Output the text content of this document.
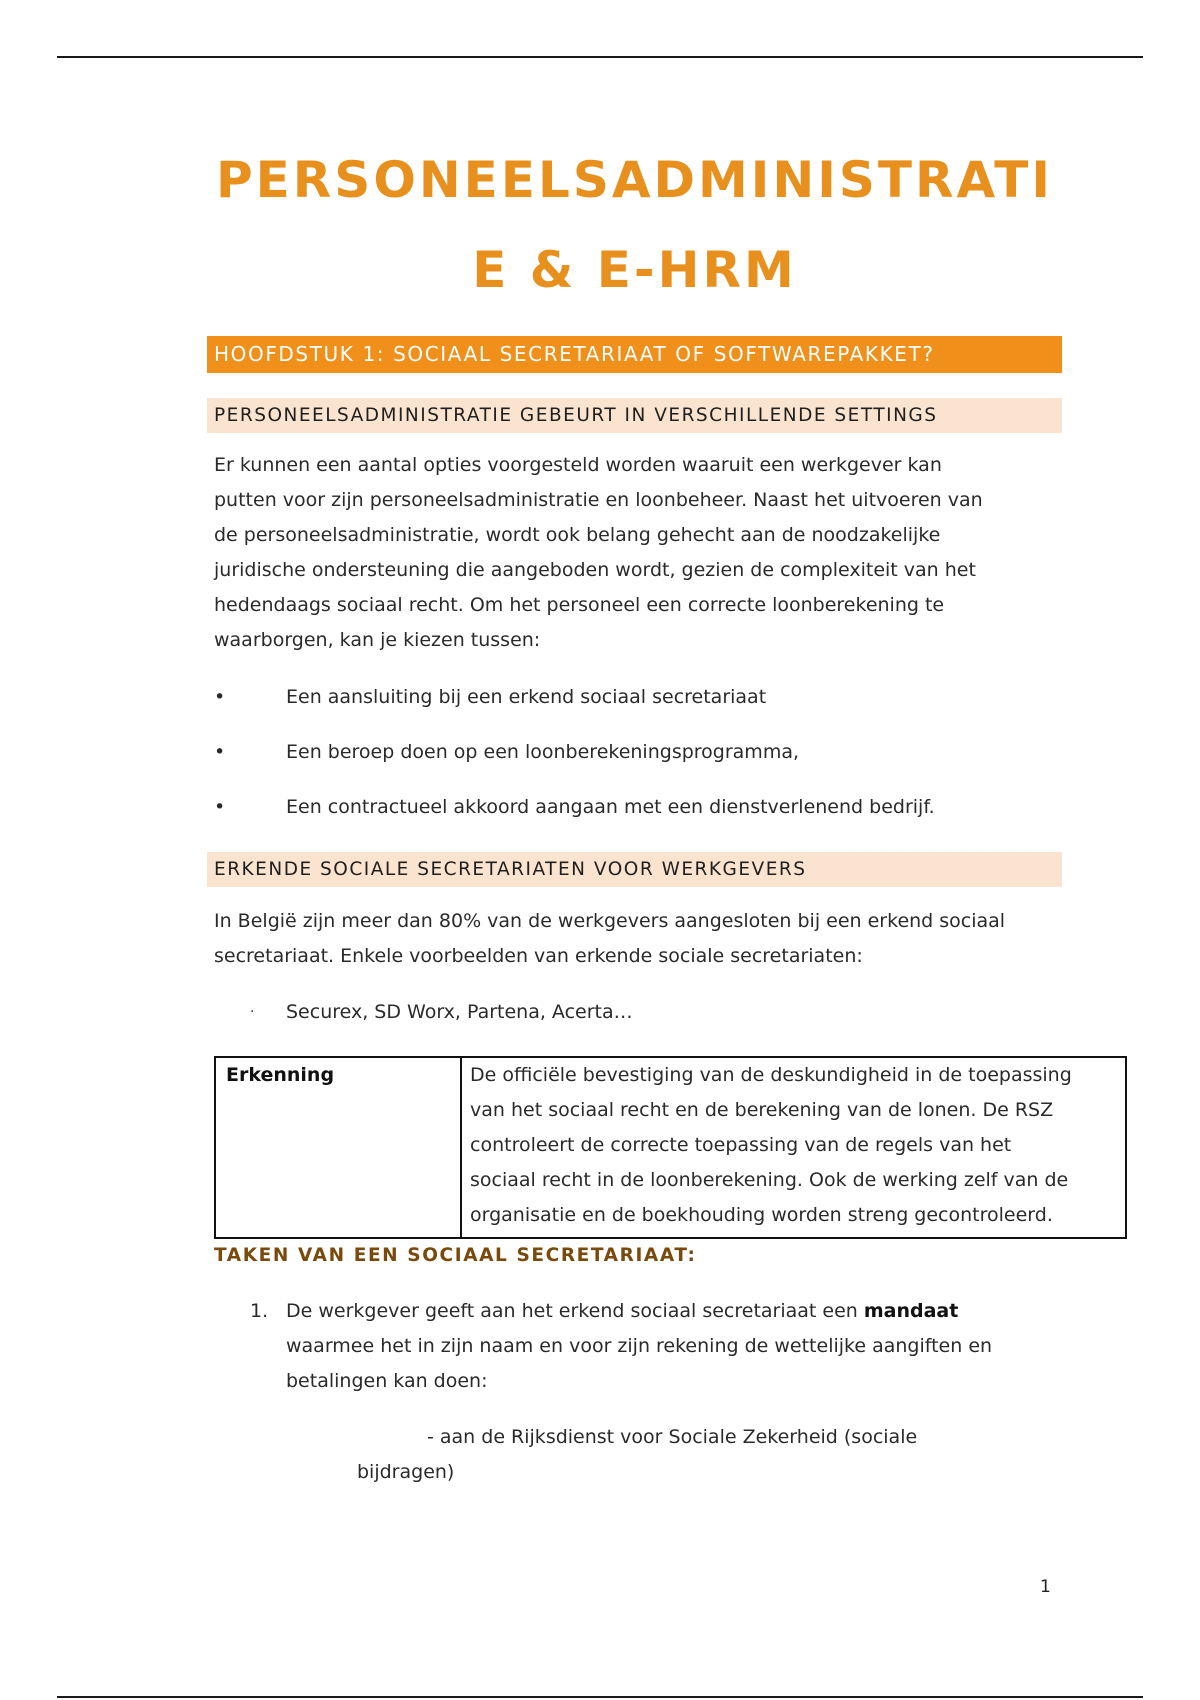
PERSONEELSADMINISTRATI
E & E-HRM
HOOFDSTUK 1: SOCIAAL SECRETARIAAT OF SOFTWAREPAKKET?
PERSONEELSADMINISTRATIE GEBEURT IN VERSCHILLENDE SETTINGS

Er kunnen een aantal opties voorgesteld worden waaruit een werkgever kan
putten voor zijn personeelsadministratie en loonbeheer. Naast het uitvoeren van
de personeelsadministratie, wordt ook belang gehecht aan de noodzakelijke
juridische ondersteuning die aangeboden wordt, gezien de complexiteit van het
hedendaags sociaal recht. Om het personeel een correcte loonberekening te
waarborgen, kan je kiezen tussen:

•	Een aansluiting bij een erkend sociaal secretariaat
•	Een beroep doen op een loonberekeningsprogramma,
•	Een contractueel akkoord aangaan met een dienstverlenend bedrijf.
ERKENDE SOCIALE SECRETARIATEN VOOR WERKGEVERS

In België zijn meer dan 80% van de werkgevers aangesloten bij een erkend sociaal
secretariaat. Enkele voorbeelden van erkende sociale secretariaten:

·	Securex, SD Worx, Partena, Acerta…
Erkenning	De officiële bevestiging van de deskundigheid in de toepassing
van het sociaal recht en de berekening van de lonen. De RSZ
controleert de correcte toepassing van de regels van het
sociaal recht in de loonberekening. Ook de werking zelf van de
organisatie en de boekhouding worden streng gecontroleerd.
TAKEN VAN EEN SOCIAAL SECRETARIAAT:
1. De werkgever geeft aan het erkend sociaal secretariaat een mandaat
waarmee het in zijn naam en voor zijn rekening de wettelijke aangiften en
betalingen kan doen:
- aan de Rijksdienst voor Sociale Zekerheid (sociale
bijdragen)
1
